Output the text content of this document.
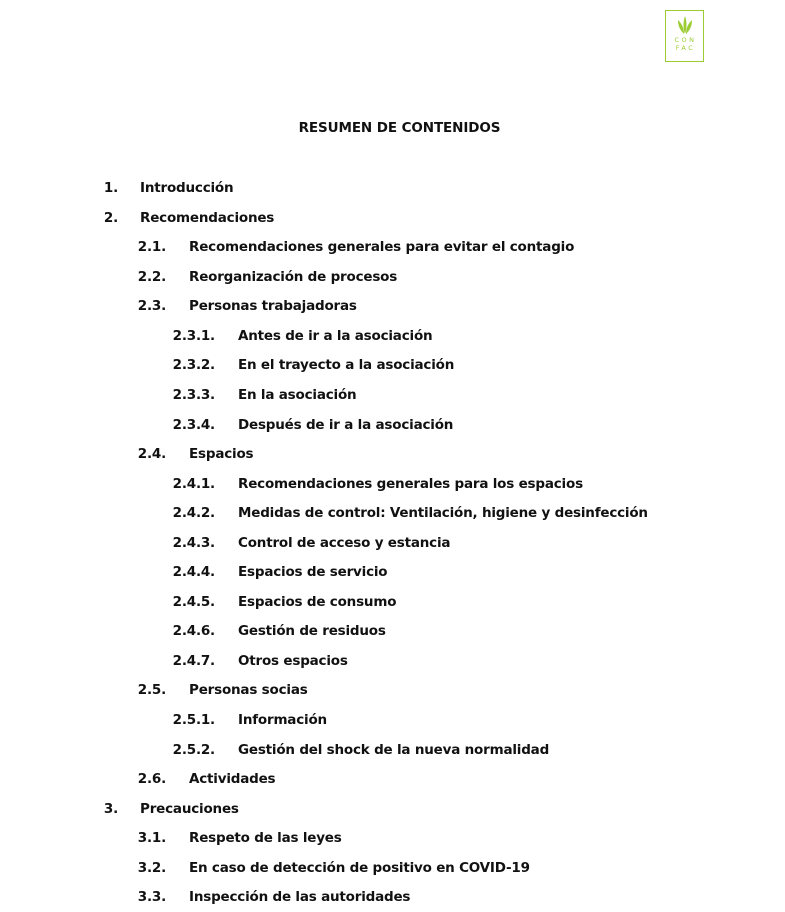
CON
FAC
RESUMEN DE CONTENIDOS
1. Introducción
2. Recomendaciones
2.1. Recomendaciones generales para evitar el contagio
2.2. Reorganización de procesos
2.3. Personas trabajadoras
2.3.1. Antes de ir a la asociación
2.3.2. En el trayecto a la asociación
2.3.3. En la asociación
2.3.4. Después de ir a la asociación
2.4. Espacios
2.4.1. Recomendaciones generales para los espacios
2.4.2. Medidas de control: Ventilación, higiene y desinfección
2.4.3. Control de acceso y estancia
2.4.4. Espacios de servicio
2.4.5. Espacios de consumo
2.4.6. Gestión de residuos
2.4.7. Otros espacios
2.5. Personas socias
2.5.1. Información
2.5.2. Gestión del shock de la nueva normalidad
2.6. Actividades
3. Precauciones
3.1. Respeto de las leyes
3.2. En caso de detección de positivo en COVID-19
3.3. Inspección de las autoridades
